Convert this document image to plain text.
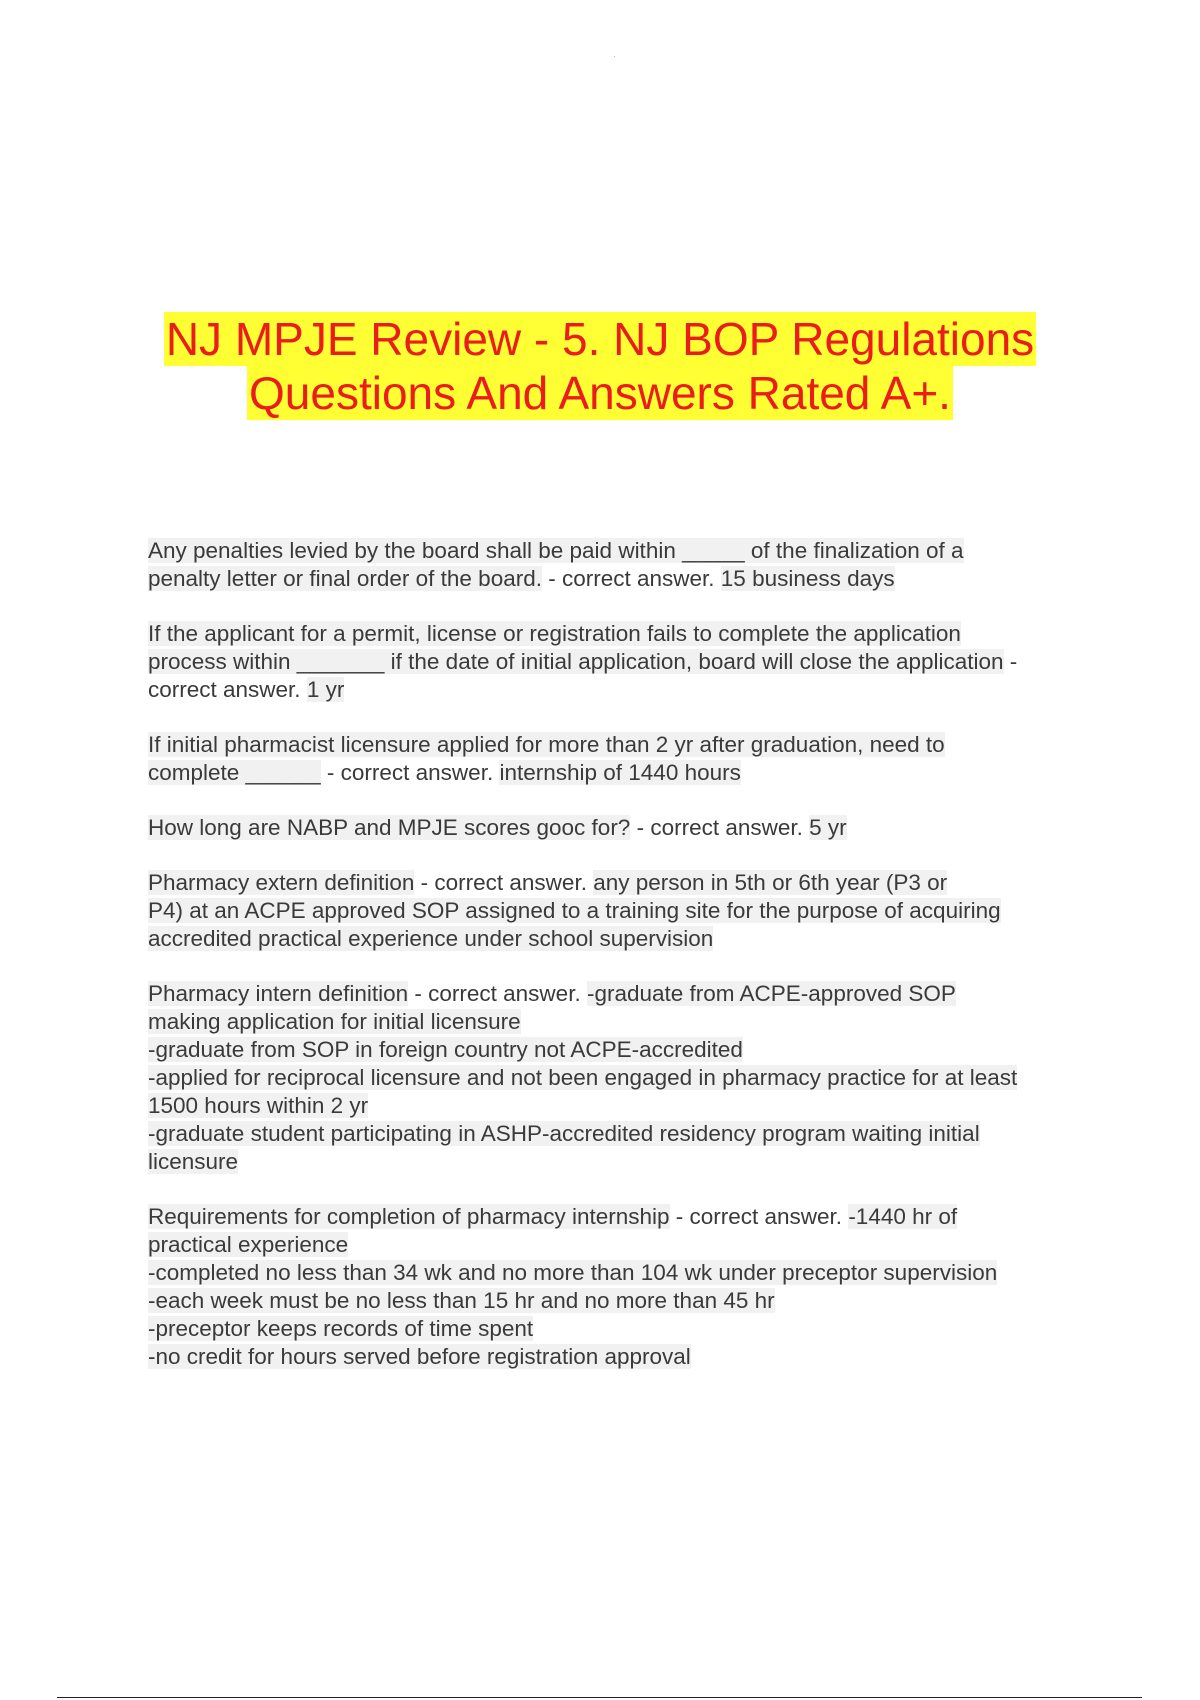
NJ MPJE Review - 5. NJ BOP Regulations
Questions And Answers Rated A+.
Any penalties levied by the board shall be paid within _____ of the finalization of a
penalty letter or final order of the board. - correct answer. 15 business days
If the applicant for a permit, license or registration fails to complete the application
process within _______ if the date of initial application, board will close the application - correct answer. 1 yr
If initial pharmacist licensure applied for more than 2 yr after graduation, need to
complete ______ - correct answer. internship of 1440 hours
How long are NABP and MPJE scores gooc for? - correct answer. 5 yr
Pharmacy extern definition - correct answer. any person in 5th or 6th year (P3 or
P4) at an ACPE approved SOP assigned to a training site for the purpose of acquiring
accredited practical experience under school supervision
Pharmacy intern definition - correct answer. -graduate from ACPE-approved SOP
making application for initial licensure
-graduate from SOP in foreign country not ACPE-accredited
-applied for reciprocal licensure and not been engaged in pharmacy practice for at least
1500 hours within 2 yr
-graduate student participating in ASHP-accredited residency program waiting initial
licensure
Requirements for completion of pharmacy internship - correct answer. -1440 hr of
practical experience
-completed no less than 34 wk and no more than 104 wk under preceptor supervision
-each week must be no less than 15 hr and no more than 45 hr
-preceptor keeps records of time spent
-no credit for hours served before registration approval
